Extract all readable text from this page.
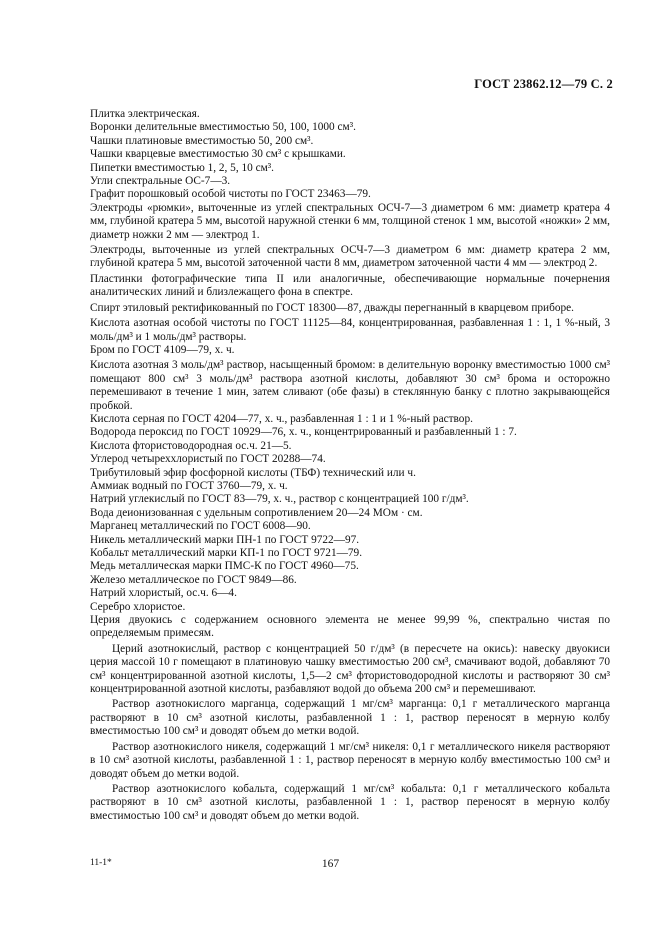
ГОСТ 23862.12—79 С. 2

Плитка электрическая.

Воронки делительные вместимостью 50, 100, 1000 см³.

Чашки платиновые вместимостью 50, 200 см³.

Чашки кварцевые вместимостью 30 см³ с крышками.

Пипетки вместимостью 1, 2, 5, 10 см³.

Угли спектральные ОС-7—3.

Графит порошковый особой чистоты по ГОСТ 23463—79.

Электроды «рюмки», выточенные из углей спектральных ОСЧ-7—3 диаметром 6 мм: диаметр кратера 4 мм, глубиной кратера 5 мм, высотой наружной стенки 6 мм, толщиной стенок 1 мм, высотой «ножки» 2 мм, диаметр ножки 2 мм — электрод 1.

Электроды, выточенные из углей спектральных ОСЧ-7—3 диаметром 6 мм: диаметр кратера 2 мм, глубиной кратера 5 мм, высотой заточенной части 8 мм, диаметром заточенной части 4 мм — электрод 2.

Пластинки фотографические типа II или аналогичные, обеспечивающие нормальные почернения аналитических линий и близлежащего фона в спектре.

Спирт этиловый ректификованный по ГОСТ 18300—87, дважды перегнанный в кварцевом приборе.

Кислота азотная особой чистоты по ГОСТ 11125—84, концентрированная, разбавленная 1 : 1, 1 %-ный, 3 моль/дм³ и 1 моль/дм³ растворы.

Бром по ГОСТ 4109—79, х. ч.

Кислота азотная 3 моль/дм³ раствор, насыщенный бромом: в делительную воронку вместимостью 1000 см³ помещают 800 см³ 3 моль/дм³ раствора азотной кислоты, добавляют 30 см³ брома и осторожно перемешивают в течение 1 мин, затем сливают (обе фазы) в стеклянную банку с плотно закрывающейся пробкой.

Кислота серная по ГОСТ 4204—77, х. ч., разбавленная 1 : 1 и 1 %-ный раствор.

Водорода пероксид по ГОСТ 10929—76, х. ч., концентрированный и разбавленный 1 : 7.

Кислота фтористоводородная ос.ч. 21—5.

Углерод четыреххлористый по ГОСТ 20288—74.

Трибутиловый эфир фосфорной кислоты (ТБФ) технический или ч.

Аммиак водный по ГОСТ 3760—79, х. ч.

Натрий углекислый по ГОСТ 83—79, х. ч., раствор с концентрацией 100 г/дм³.

Вода деионизованная с удельным сопротивлением 20—24 МОм · см.

Марганец металлический по ГОСТ 6008—90.

Никель металлический марки ПН-1 по ГОСТ 9722—97.

Кобальт металлический марки КП-1 по ГОСТ 9721—79.

Медь металлическая марки ПМС-К по ГОСТ 4960—75.

Железо металлическое по ГОСТ 9849—86.

Натрий хлористый, ос.ч. 6—4.

Серебро хлористое.

Церия двуокись с содержанием основного элемента не менее 99,99 %, спектрально чистая по определяемым примесям.

Церий азотнокислый, раствор с концентрацией 50 г/дм³ (в пересчете на окись): навеску двуокиси церия массой 10 г помещают в платиновую чашку вместимостью 200 см³, смачивают водой, добавляют 70 см³ концентрированной азотной кислоты, 1,5—2 см³ фтористоводородной кислоты и растворяют 30 см³ концентрированной азотной кислоты, разбавляют водой до объема 200 см³ и перемешивают.

Раствор азотнокислого марганца, содержащий 1 мг/см³ марганца: 0,1 г металлического марганца растворяют в 10 см³ азотной кислоты, разбавленной 1 : 1, раствор переносят в мерную колбу вместимостью 100 см³ и доводят объем до метки водой.

Раствор азотнокислого никеля, содержащий 1 мг/см³ никеля: 0,1 г металлического никеля растворяют в 10 см³ азотной кислоты, разбавленной 1 : 1, раствор переносят в мерную колбу вместимостью 100 см³ и доводят объем до метки водой.

Раствор азотнокислого кобальта, содержащий 1 мг/см³ кобальта: 0,1 г металлического кобальта растворяют в 10 см³ азотной кислоты, разбавленной 1 : 1, раствор переносят в мерную колбу вместимостью 100 см³ и доводят объем до метки водой.

11-1*	167
